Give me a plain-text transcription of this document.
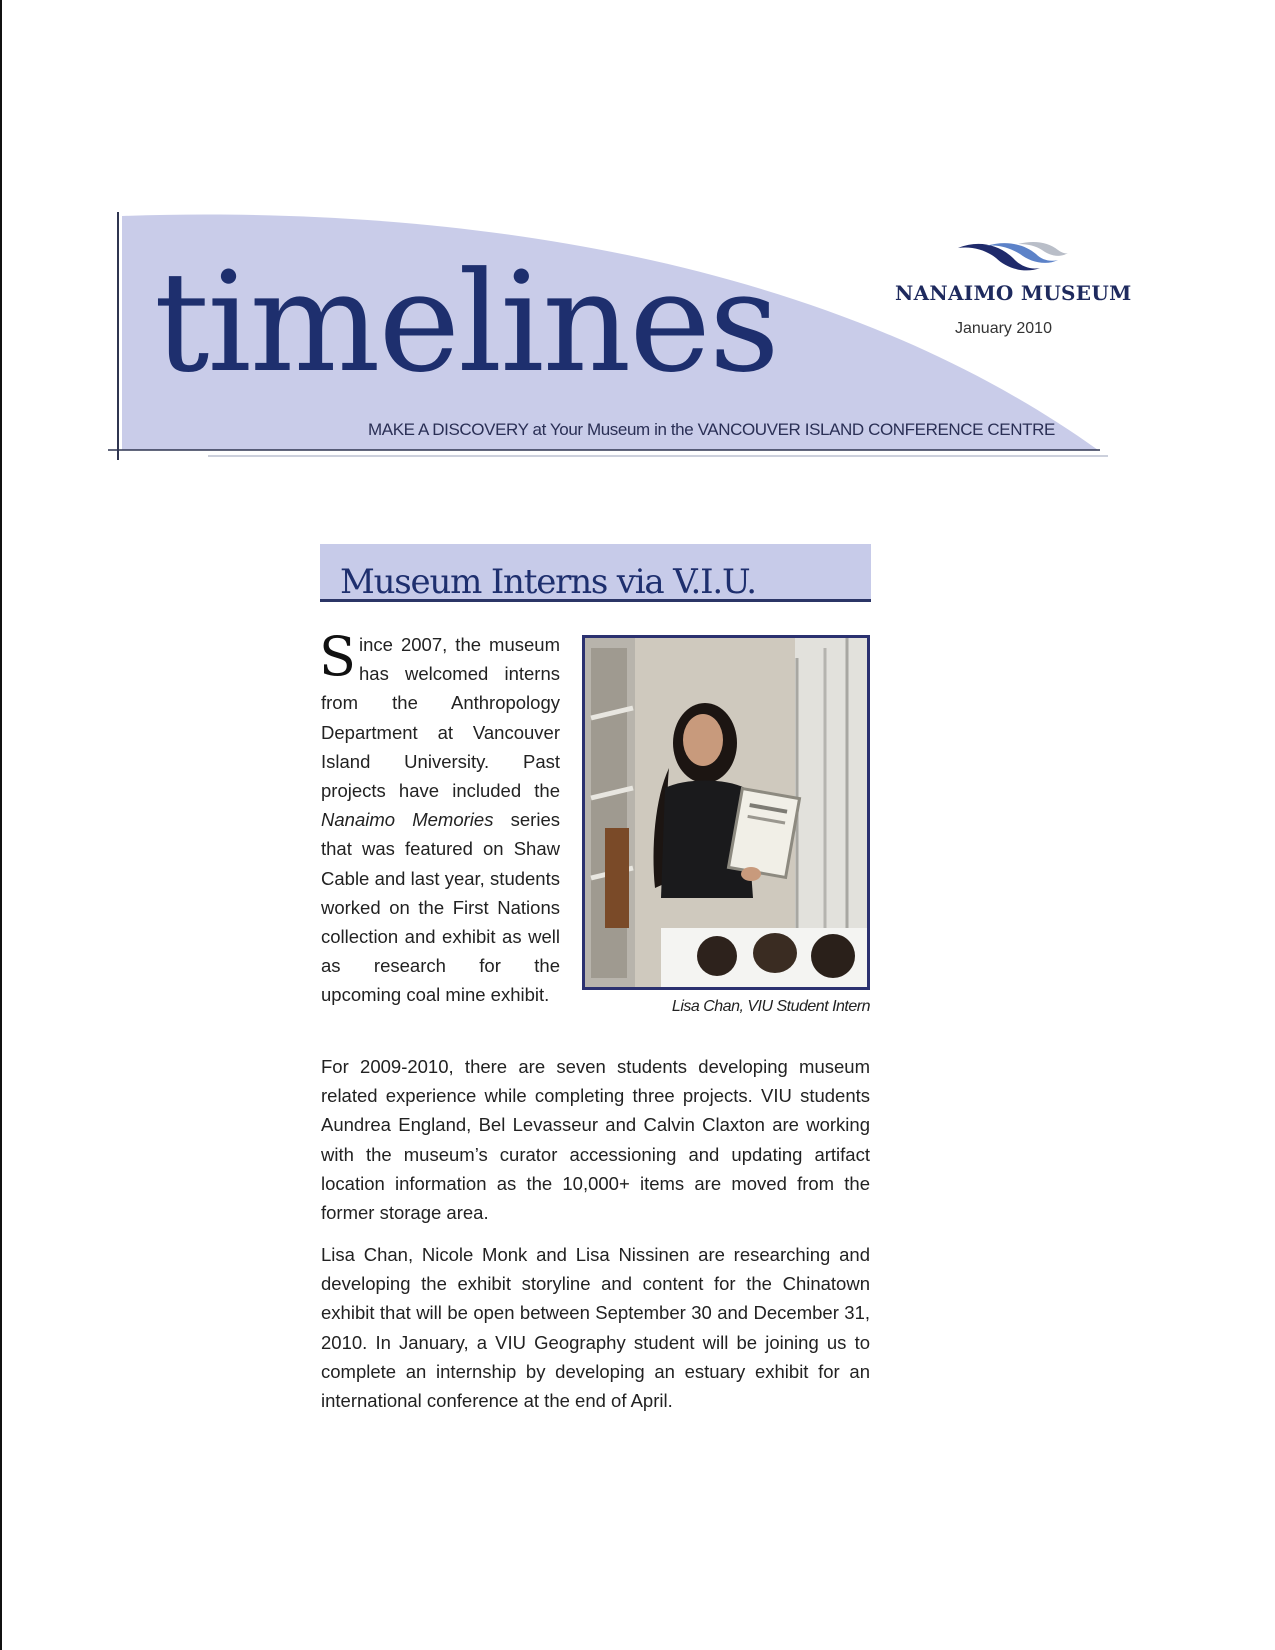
timelines
MAKE A DISCOVERY at Your Museum in the VANCOUVER ISLAND CONFERENCE CENTRE
NANAIMO MUSEUM
January 2010
Museum Interns via V.I.U.
Since 2007, the museum has welcomed interns from the Anthropology Department at Vancouver Island University. Past projects have included the Nanaimo Memories series that was featured on Shaw Cable and last year, students worked on the First Nations collection and exhibit as well as research for the upcoming coal mine exhibit.
Lisa Chan, VIU Student Intern
For 2009-2010, there are seven students developing museum related experience while completing three projects. VIU students Aundrea England, Bel Levasseur and Calvin Claxton are working with the museum’s curator accessioning and updating artifact location information as the 10,000+ items are moved from the former storage area.
Lisa Chan, Nicole Monk and Lisa Nissinen are researching and developing the exhibit storyline and content for the Chinatown exhibit that will be open between September 30 and December 31, 2010. In January, a VIU Geography student will be joining us to complete an internship by developing an estuary exhibit for an international conference at the end of April.
